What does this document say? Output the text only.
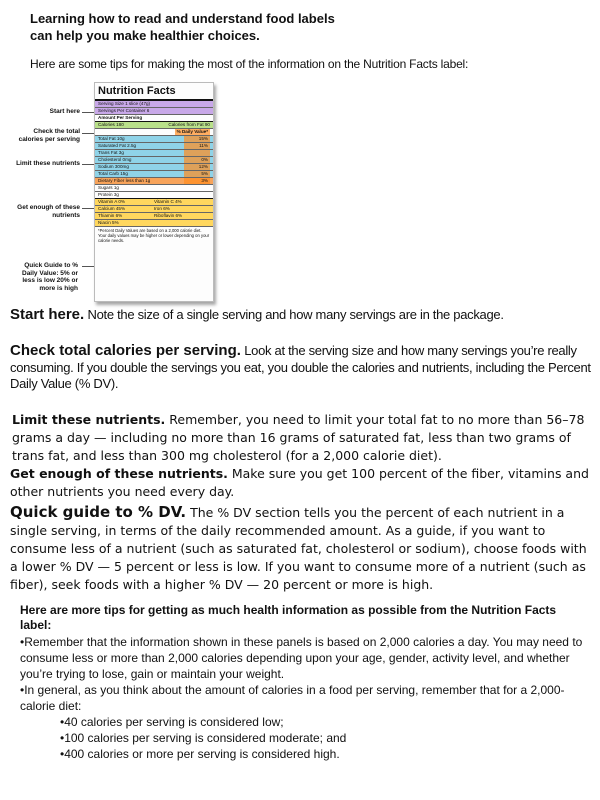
Learning how to read and understand food labels
can help you make healthier choices.
Here are some tips for making the most of the information on the Nutrition Facts label:
Start here
Check the total calories per serving
Limit these nutrients
Get enough of these nutrients
Quick Guide to % Daily Value: 5% or less is low 20% or more is high
Nutrition Facts
Serving Size 1 slice (47g)
Servings Per Container 6
Amount Per Serving
Calories 180	Calories from Fat 90
% Daily Value*
Total Fat 10g	15%
Saturated Fat 2.5g	11%
Trans Fat 3g
Cholesterol 0mg	0%
Sodium 300mg	12%
Total Carb 15g	5%
Dietary Fiber less than 1g	3%
Sugars 1g
Protein 3g
Vitamin A 0%	Vitamin C 4%
Calcium 45%	Iron 6%
Thiamin 6%	Riboflavin 6%
Niacin 5%
*Percent Daily Values are based on a 2,000 calorie diet. Your daily values may be higher or lower depending on your calorie needs.
Start here. Note the size of a single serving and how many servings are in the package.
Check total calories per serving. Look at the serving size and how many servings you’re really
consuming. If you double the servings you eat, you double the calories and nutrients, including the Percent Daily Value (% DV).
Limit these nutrients. Remember, you need to limit your total fat to no more than 56–78 grams a day — including no more than 16 grams of saturated fat, less than two grams of trans fat, and less than 300 mg cholesterol (for a 2,000 calorie diet).
Get enough of these nutrients. Make sure you get 100 percent of the fiber, vitamins and other nutrients you need every day.
Quick guide to % DV. The % DV section tells you the percent of each nutrient in a single serving, in terms of the daily recommended amount. As a guide, if you want to consume less of a nutrient (such as saturated fat, cholesterol or sodium), choose foods with a lower % DV — 5 percent or less is low. If you want to consume more of a nutrient (such as fiber), seek foods with a higher % DV — 20 percent or more is high.
Here are more tips for getting as much health information as possible from the Nutrition Facts label:
•Remember that the information shown in these panels is based on 2,000 calories a day. You may need to consume less or more than 2,000 calories depending upon your age, gender, activity level, and whether you’re trying to lose, gain or maintain your weight.
•In general, as you think about the amount of calories in a food per serving, remember that for a 2,000-calorie diet:
•40 calories per serving is considered low;
•100 calories per serving is considered moderate; and
•400 calories or more per serving is considered high.
